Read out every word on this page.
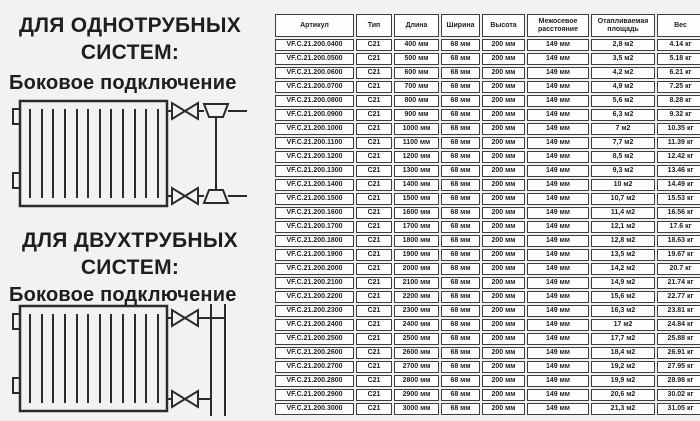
ДЛЯ ОДНОТРУБНЫХ СИСТЕМ:
Боковое подключение
ДЛЯ ДВУХТРУБНЫХ СИСТЕМ:
Боковое подключение
Артикул	Тип	Длина	Ширина	Высота	Межосевое расстояние	Отапливаемая площадь	Вес
VF.C.21.200.0400	C21	400 мм	68 мм	200 мм	149 мм	2,8 м2	4.14 кг
VF.C.21.200.0500	C21	500 мм	68 мм	200 мм	149 мм	3,5 м2	5.18 кг
VF.C.21.200.0600	C21	600 мм	68 мм	200 мм	149 мм	4,2 м2	6.21 кг
VF.C.21.200.0700	C21	700 мм	68 мм	200 мм	149 мм	4,9 м2	7.25 кг
VF.C.21.200.0800	C21	800 мм	68 мм	200 мм	149 мм	5,6 м2	8.28 кг
VF.C.21.200.0900	C21	900 мм	68 мм	200 мм	149 мм	6,3 м2	9.32 кг
VF.C.21.200.1000	C21	1000 мм	68 мм	200 мм	149 мм	7 м2	10.35 кг
VF.C.21.200.1100	C21	1100 мм	68 мм	200 мм	149 мм	7,7 м2	11.39 кг
VF.C.21.200.1200	C21	1200 мм	68 мм	200 мм	149 мм	8,5 м2	12.42 кг
VF.C.21.200.1300	C21	1300 мм	68 мм	200 мм	149 мм	9,3 м2	13.46 кг
VF.C.21.200.1400	C21	1400 мм	68 мм	200 мм	149 мм	10 м2	14.49 кг
VF.C.21.200.1500	C21	1500 мм	68 мм	200 мм	149 мм	10,7 м2	15.53 кг
VF.C.21.200.1600	C21	1600 мм	68 мм	200 мм	149 мм	11,4 м2	16.56 кг
VF.C.21.200.1700	C21	1700 мм	68 мм	200 мм	149 мм	12,1 м2	17.6 кг
VF.C.21.200.1800	C21	1800 мм	68 мм	200 мм	149 мм	12,8 м2	18.63 кг
VF.C.21.200.1900	C21	1900 мм	68 мм	200 мм	149 мм	13,5 м2	19.67 кг
VF.C.21.200.2000	C21	2000 мм	68 мм	200 мм	149 мм	14,2 м2	20.7 кг
VF.C.21.200.2100	C21	2100 мм	68 мм	200 мм	149 мм	14,9 м2	21.74 кг
VF.C.21.200.2200	C21	2200 мм	68 мм	200 мм	149 мм	15,6 м2	22.77 кг
VF.C.21.200.2300	C21	2300 мм	68 мм	200 мм	149 мм	16,3 м2	23.81 кг
VF.C.21.200.2400	C21	2400 мм	68 мм	200 мм	149 мм	17 м2	24.84 кг
VF.C.21.200.2500	C21	2500 мм	68 мм	200 мм	149 мм	17,7 м2	25.88 кг
VF.C.21.200.2600	C21	2600 мм	68 мм	200 мм	149 мм	18,4 м2	26.91 кг
VF.C.21.200.2700	C21	2700 мм	68 мм	200 мм	149 мм	19,2 м2	27.95 кг
VF.C.21.200.2800	C21	2800 мм	68 мм	200 мм	149 мм	19,9 м2	28.98 кг
VF.C.21.200.2900	C21	2900 мм	68 мм	200 мм	149 мм	20,6 м2	30.02 кг
VF.C.21.200.3000	C21	3000 мм	68 мм	200 мм	149 мм	21,3 м2	31.05 кг
